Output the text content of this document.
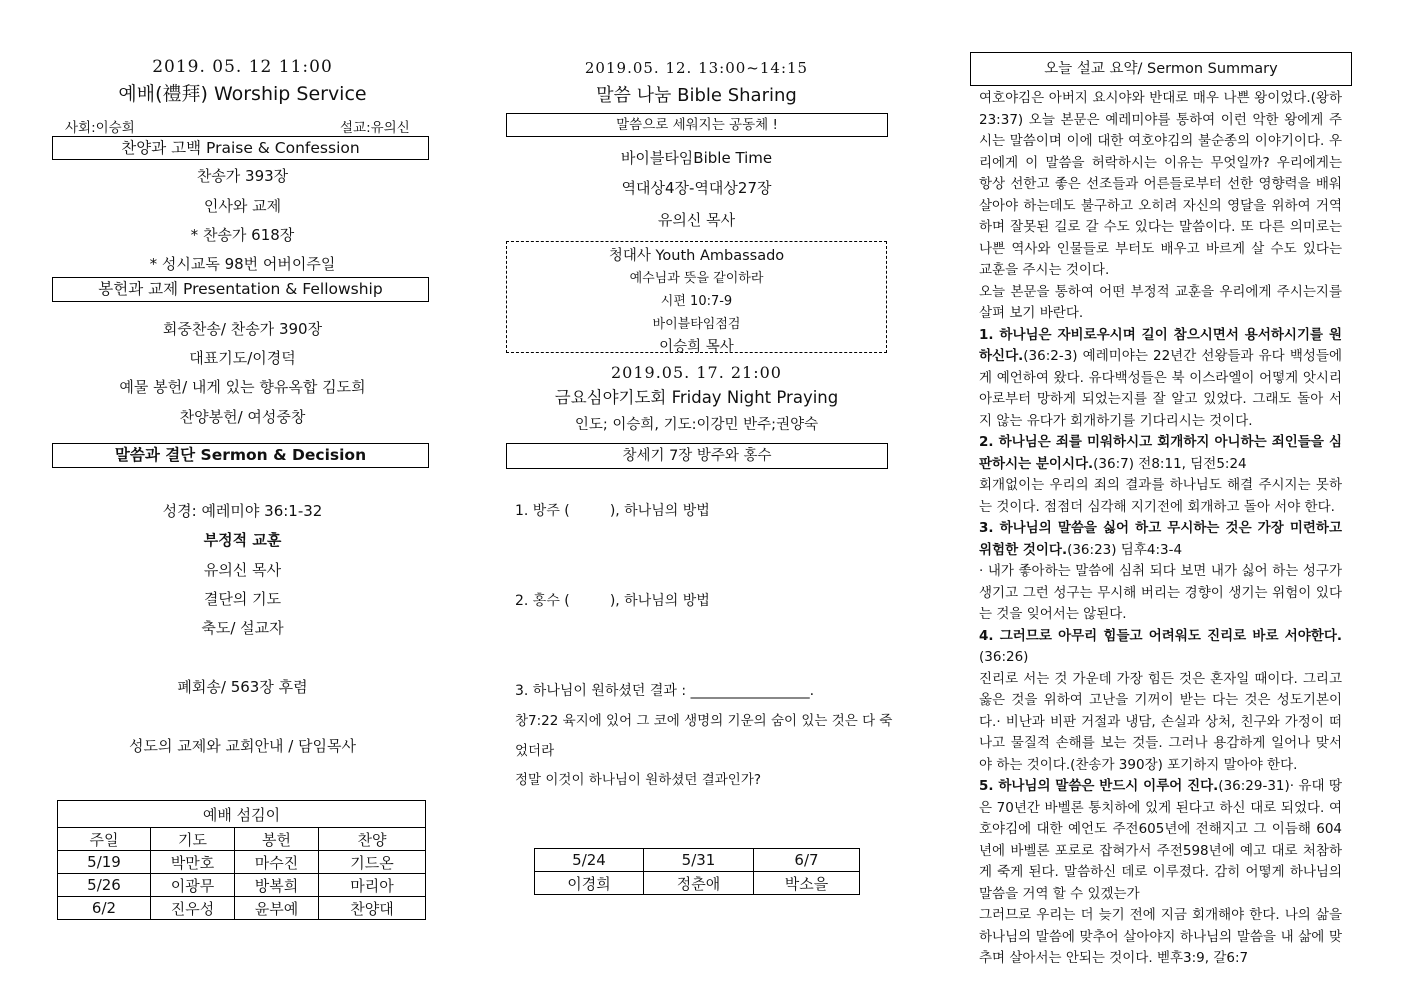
2019. 05. 12 11:00
예배(禮拜) Worship Service
사회:이승희	설교:유의신
찬양과 고백 Praise & Confession
찬송가 393장
인사와 교제
* 찬송가 618장
* 성시교독 98번 어버이주일
봉헌과 교제 Presentation & Fellowship
회중찬송/ 찬송가 390장
대표기도/이경덕
예물 봉헌/ 내게 있는 향유옥합 김도희
찬양봉헌/ 여성중창
말씀과 결단 Sermon & Decision
성경: 예레미야 36:1-32
부정적 교훈
유의신 목사
결단의 기도
축도/ 설교자
폐회송/ 563장 후렴
성도의 교제와 교회안내 / 담임목사
예배 섬김이			
주일	기도	봉헌	찬양
5/19	박만호	마수진	기드온
5/26	이광무	방복희	마리아
6/2	진우성	윤부예	찬양대
2019.05. 12. 13:00~14:15
말씀 나눔 Bible Sharing
말씀으로 세워지는 공동체 !
바이블타임Bible Time
역대상4장-역대상27장
유의신 목사
청대사 Youth Ambassado
예수님과 뜻을 같이하라
시편 10:7-9
바이블타임점검
이승희 목사
2019.05. 17. 21:00
금요심야기도회 Friday Night Praying
인도; 이승희, 기도:이강민 반주;권양숙
창세기 7장 방주와 홍수
1. 방주 (         ), 하나님의 방법
2. 홍수 (         ), 하나님의 방법
3. 하나님이 원하셨던 결과 : _________________.
창7:22 육지에 있어 그 코에 생명의 기운의 숨이 있는 것은 다 죽
었더라
정말 이것이 하나님이 원하셨던 결과인가?
5/24	5/31	6/7
이경희	정춘애	박소을
오늘 설교 요약/ Sermon Summary

여호야김은 아버지 요시야와 반대로 매우 나쁜 왕이었다.(왕하 23:37) 오늘 본문은 예레미야를 통하여 이런 악한 왕에게 주시는 말씀이며 이에 대한 여호야김의 불순종의 이야기이다. 우리에게 이 말씀을 허락하시는 이유는 무엇일까? 우리에게는 항상 선한고 좋은 선조들과 어른들로부터 선한 영향력을 배워 살아야 하는데도 불구하고 오히려 자신의 영달을 위하여 거역하며 잘못된 길로 갈 수도 있다는 말씀이다. 또 다른 의미로는 나쁜 역사와 인물들로 부터도 배우고 바르게 살 수도 있다는 교훈을 주시는 것이다.

오늘 본문을 통하여 어떤 부정적 교훈을 우리에게 주시는지를 살펴 보기 바란다.

1. 하나님은 자비로우시며 길이 참으시면서 용서하시기를 원하신다.(36:2-3) 예레미야는 22년간 선왕들과 유다 백성들에게 예언하여 왔다. 유다백성들은 북 이스라엘이 어떻게 앗시리아로부터 망하게 되었는지를 잘 알고 있었다. 그래도 돌아 서지 않는 유다가 회개하기를 기다리시는 것이다.

2. 하나님은 죄를 미워하시고 회개하지 아니하는 죄인들을 심판하시는 분이시다.(36:7) 전8:11, 딤전5:24
회개없이는 우리의 죄의 결과를 하나님도 해결 주시지는 못하는 것이다. 점점더 심각해 지기전에 회개하고 돌아 서야 한다.

3. 하나님의 말씀을 싫어 하고 무시하는 것은 가장 미련하고 위험한 것이다.(36:23) 딤후4:3-4
· 내가 좋아하는 말씀에 심취 되다 보면 내가 싫어 하는 성구가 생기고 그런 성구는 무시해 버리는 경향이 생기는 위험이 있다는 것을 잊어서는 않된다.

4. 그러므로 아무리 힘들고 어려워도 진리로 바로 서야한다.(36:26)
진리로 서는 것 가운데 가장 힘든 것은 혼자일 때이다. 그리고 옳은 것을 위하여 고난을 기꺼이 받는 다는 것은 성도기본이다.· 비난과 비판 거절과 냉담, 손실과 상처, 친구와 가정이 떠나고 물질적 손해를 보는 것들. 그러나 용감하게 일어나 맞서야 하는 것이다.(찬송가 390장) 포기하지 말아야 한다.

5. 하나님의 말씀은 반드시 이루어 진다.(36:29-31)· 유대 땅은 70년간 바벨론 통치하에 있게 된다고 하신 대로 되었다. 여호야김에 대한 예언도 주전605년에 전해지고 그 이듬해 604년에 바벨론 포로로 잡혀가서 주전598년에 예고 대로 처참하게 죽게 된다. 말씀하신 데로 이루졌다. 감히 어떻게 하나님의 말씀을 거역 할 수 있겠는가

그러므로 우리는 더 늦기 전에 지금 회개해야 한다. 나의 삶을 하나님의 말씀에 맞추어 살아야지 하나님의 말씀을 내 삶에 맞추며 살아서는 안되는 것이다. 벧후3:9, 갈6:7
